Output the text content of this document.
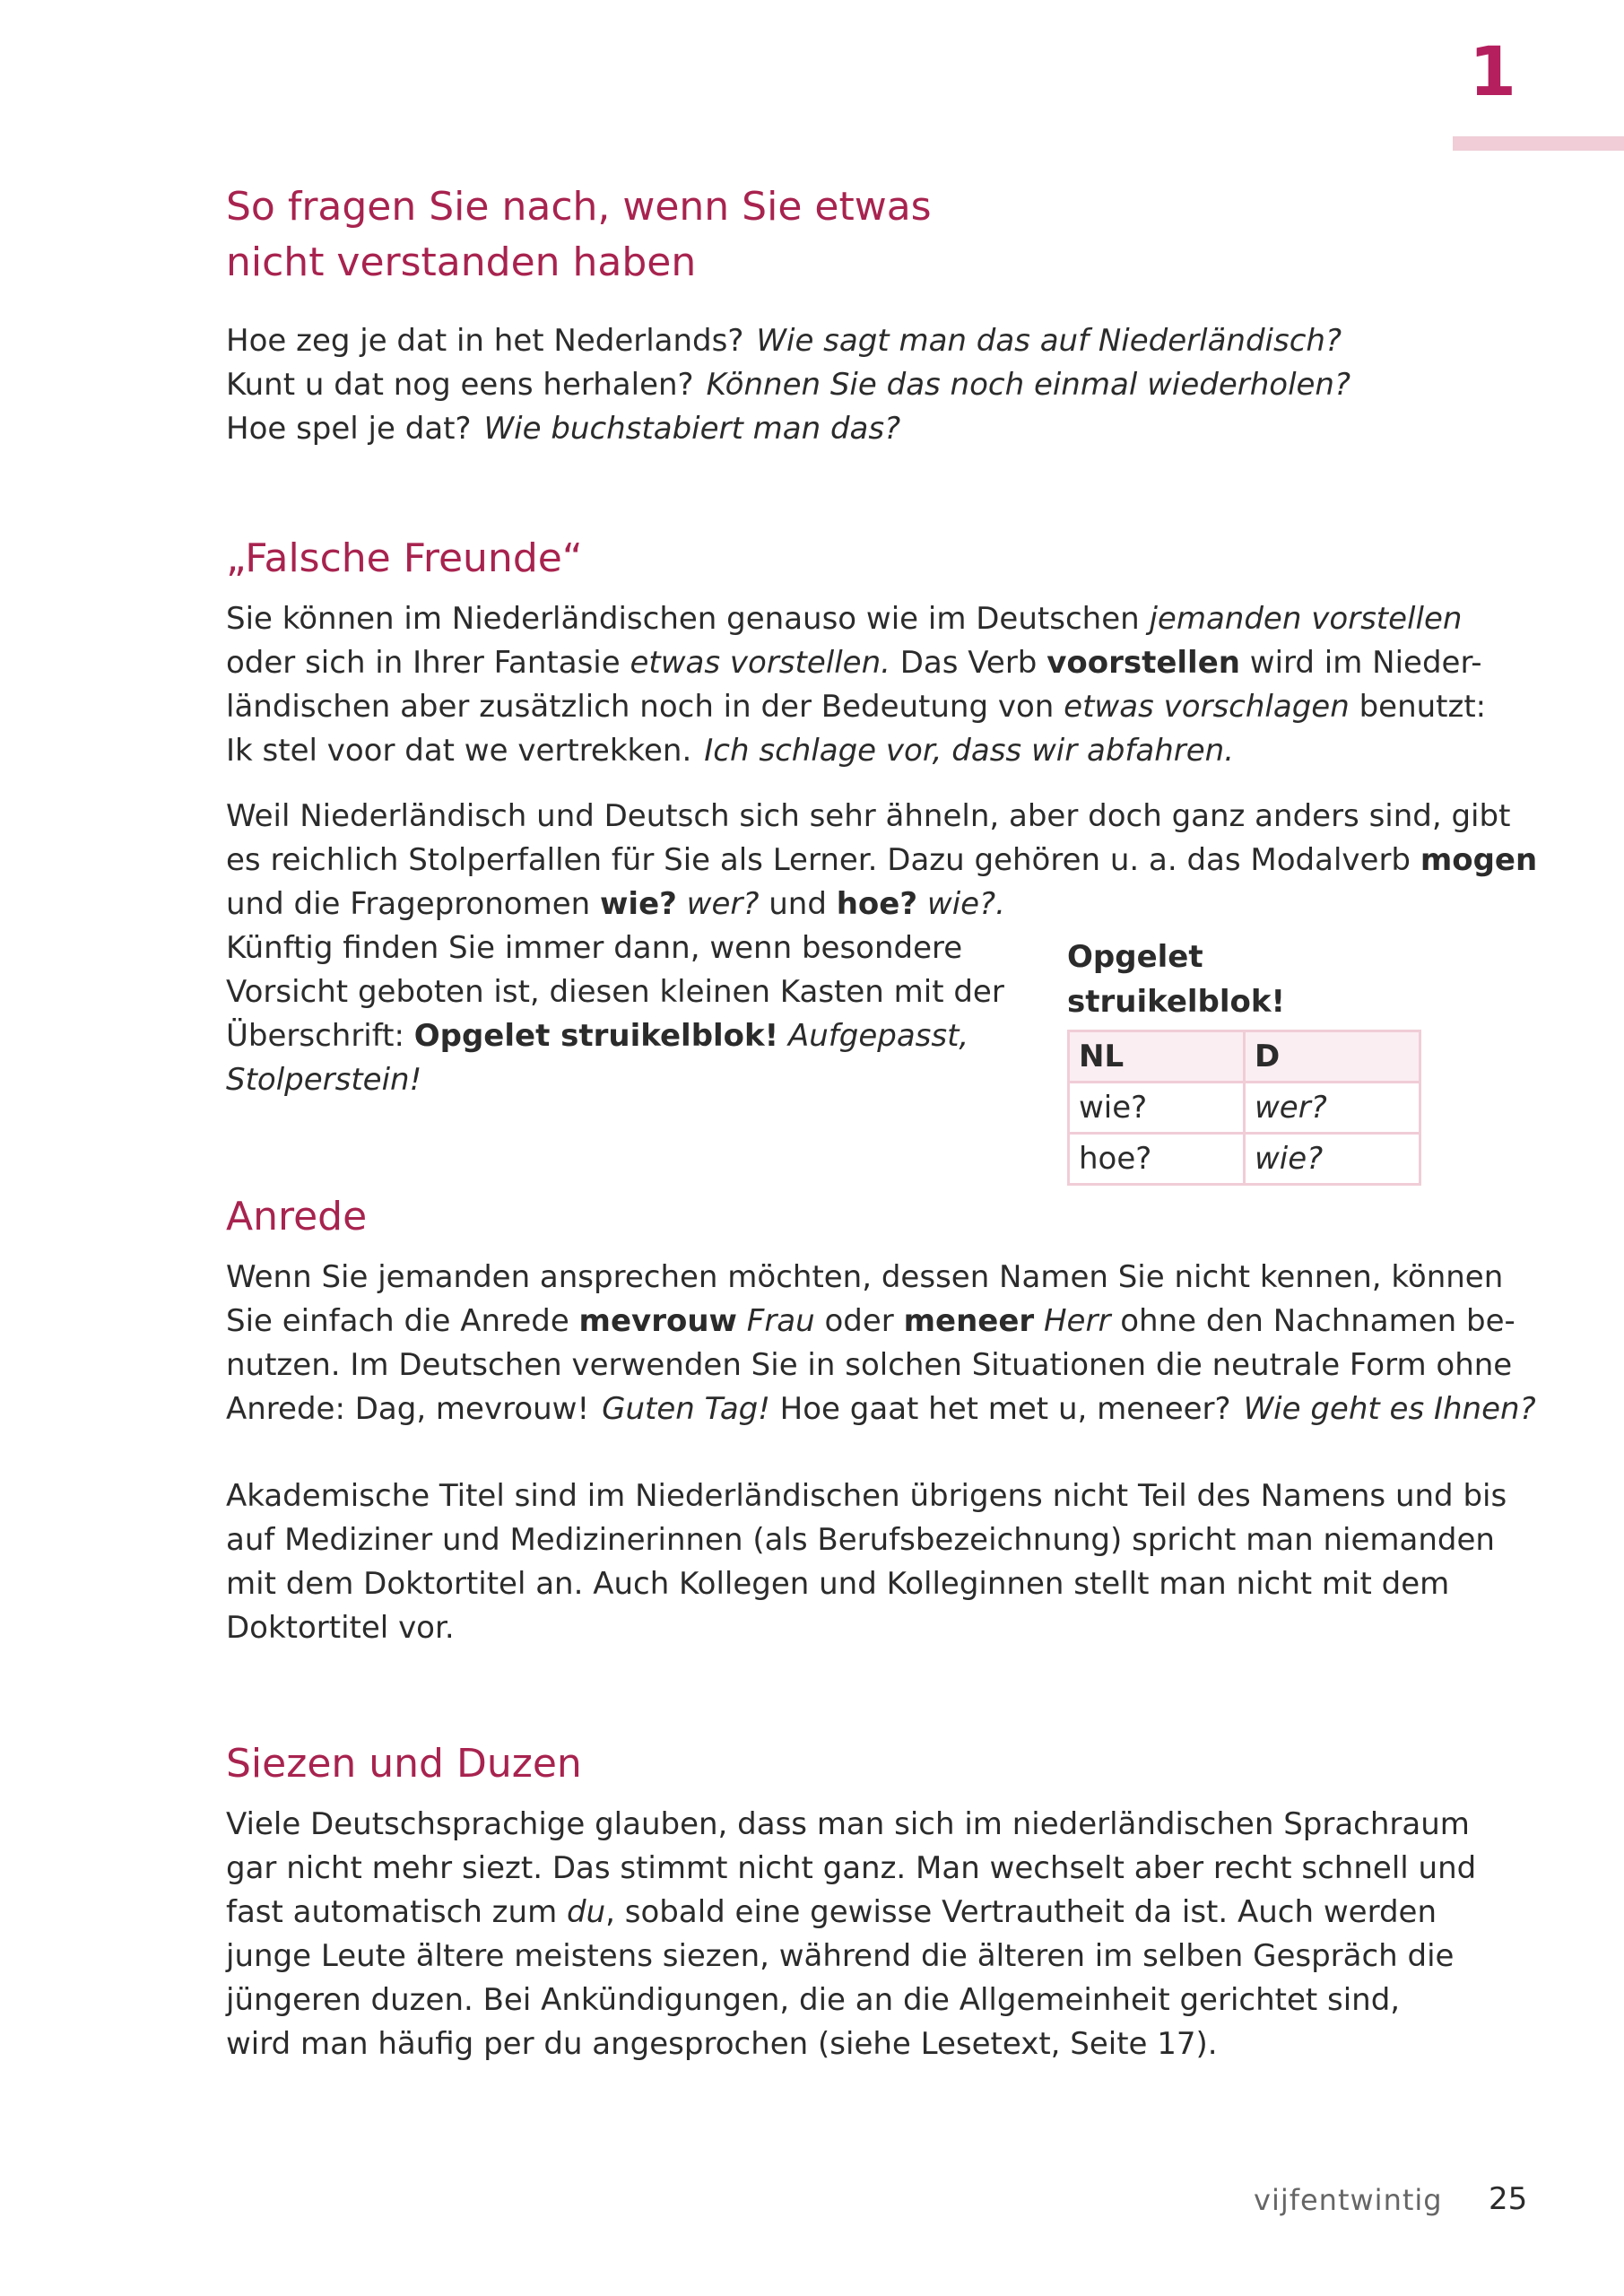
1
So fragen Sie nach, wenn Sie etwas
nicht verstanden haben

Hoe zeg je dat in het Nederlands? Wie sagt man das auf Niederländisch?
Kunt u dat nog eens herhalen? Können Sie das noch einmal wiederholen?
Hoe spel je dat? Wie buchstabiert man das?

„Falsche Freunde“

Sie können im Niederländischen genauso wie im Deutschen jemanden vorstellen
oder sich in Ihrer Fantasie etwas vorstellen. Das Verb voorstellen wird im Nieder-
ländischen aber zusätzlich noch in der Bedeutung von etwas vorschlagen benutzt:
Ik stel voor dat we vertrekken. Ich schlage vor, dass wir abfahren.

Weil Niederländisch und Deutsch sich sehr ähneln, aber doch ganz anders sind, gibt
es reichlich Stolperfallen für Sie als Lerner. Dazu gehören u. a. das Modalverb mogen
und die Fragepronomen wie? wer? und hoe? wie?.
Künftig finden Sie immer dann, wenn besondere
Vorsicht geboten ist, diesen kleinen Kasten mit der
Überschrift: Opgelet struikelblok! Aufgepasst,
Stolperstein!

Opgelet struikelblok!
NL	D
wie?	wer?
hoe?	wie?
Anrede

Wenn Sie jemanden ansprechen möchten, dessen Namen Sie nicht kennen, können
Sie einfach die Anrede mevrouw Frau oder meneer Herr ohne den Nachnamen be-
nutzen. Im Deutschen verwenden Sie in solchen Situationen die neutrale Form ohne
Anrede: Dag, mevrouw! Guten Tag! Hoe gaat het met u, meneer? Wie geht es Ihnen?

Akademische Titel sind im Niederländischen übrigens nicht Teil des Namens und bis
auf Mediziner und Medizinerinnen (als Berufsbezeichnung) spricht man niemanden
mit dem Doktortitel an. Auch Kollegen und Kolleginnen stellt man nicht mit dem
Doktortitel vor.

Siezen und Duzen

Viele Deutschsprachige glauben, dass man sich im niederländischen Sprachraum
gar nicht mehr siezt. Das stimmt nicht ganz. Man wechselt aber recht schnell und
fast automatisch zum du, sobald eine gewisse Vertrautheit da ist. Auch werden
junge Leute ältere meistens siezen, während die älteren im selben Gespräch die
jüngeren duzen. Bei Ankündigungen, die an die Allgemeinheit gerichtet sind,
wird man häufig per du angesprochen (siehe Lesetext, Seite 17).

vijfentwintig 25
